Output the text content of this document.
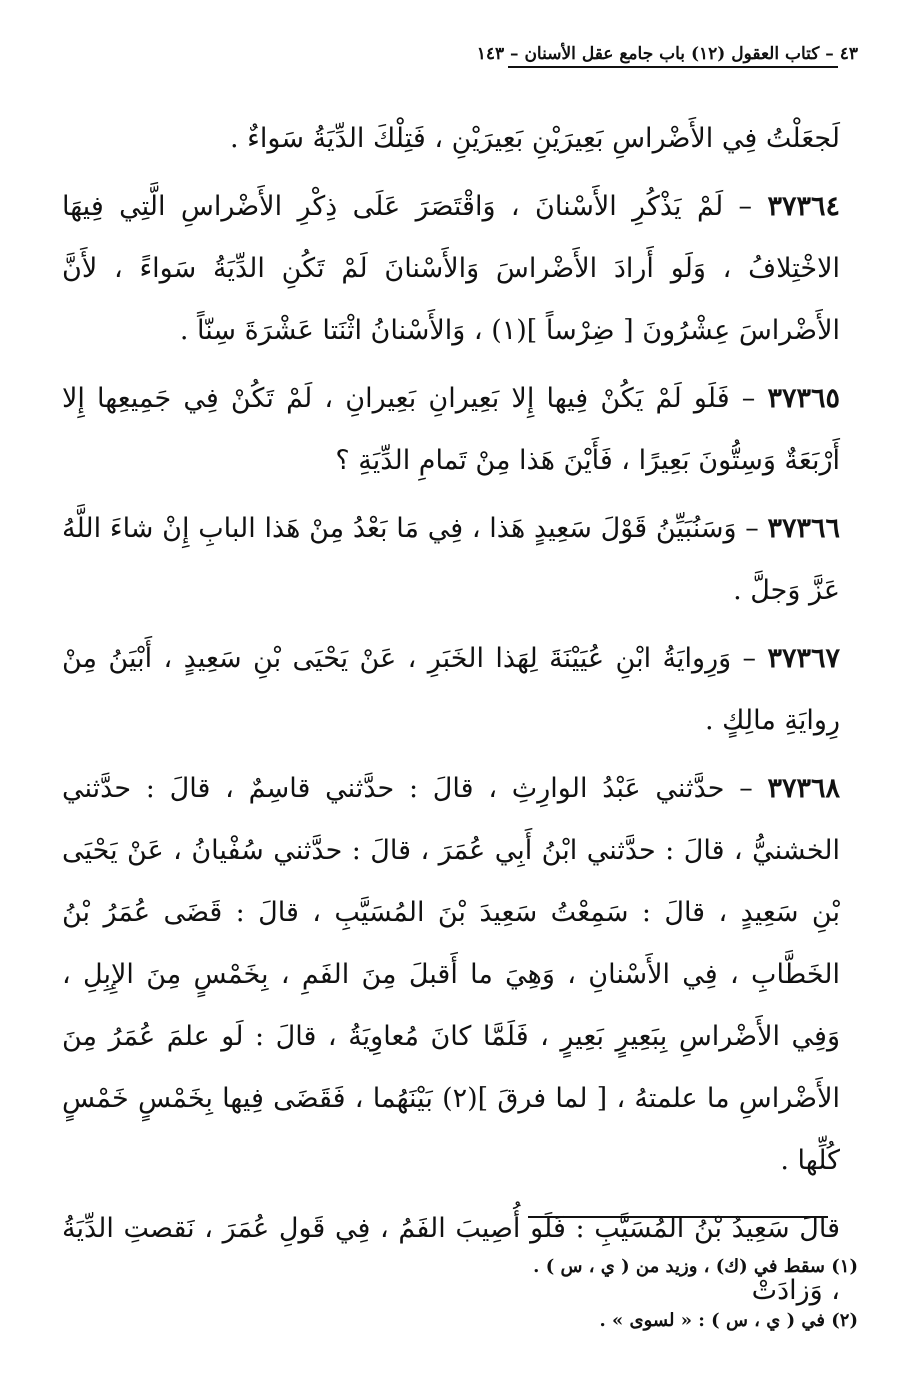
٤٣ – كتاب العقول (١٢) باب جامع عقل الأسنان – ١٤٣

لَجعَلْتُ فِي الأَضْراسِ بَعِيرَيْنِ بَعِيرَيْنِ ، فَتِلْكَ الدِّيَةُ سَواءٌ .

٣٧٣٦٤ – لَمْ يَذْكُرِ الأَسْنانَ ، وَاقْتَصَرَ عَلَى ذِكْرِ الأَضْراسِ الَّتِي فِيهَا الاخْتِلافُ ، وَلَو أَرادَ الأَضْراسَ وَالأَسْنانَ لَمْ تَكُنِ الدِّيَةُ سَواءً ، لأَنَّ الأَضْراسَ عِشْرُونَ [ ضِرْساً ](١) ، وَالأَسْنانُ اثْنَتا عَشْرَةَ سِنّاً .

٣٧٣٦٥ – فَلَو لَمْ يَكُنْ فِيها إِلا بَعِيرانِ بَعِيرانِ ، لَمْ تَكُنْ فِي جَمِيعِها إِلا أَرْبَعَةٌ وَسِتُّونَ بَعِيرًا ، فَأَيْنَ هَذا مِنْ تَمامِ الدِّيَةِ ؟

٣٧٣٦٦ – وَسَنُبَيِّنُ قَوْلَ سَعِيدٍ هَذا ، فِي مَا بَعْدُ مِنْ هَذا البابِ إِنْ شاءَ اللَّهُ عَزَّ وَجلَّ .

٣٧٣٦٧ – وَرِوايَةُ ابْنِ عُيَيْنَةَ لِهَذا الخَبَرِ ، عَنْ يَحْيَى بْنِ سَعِيدٍ ، أَبْيَنُ مِنْ رِوايَةِ مالِكٍ .

٣٧٣٦٨ – حدَّثني عَبْدُ الوارِثِ ، قالَ : حدَّثني قاسِمٌ ، قالَ : حدَّثني الخشنيُّ ، قالَ : حدَّثني ابْنُ أَبِي عُمَرَ ، قالَ : حدَّثني سُفْيانُ ، عَنْ يَحْيَى بْنِ سَعِيدٍ ، قالَ : سَمِعْتُ سَعِيدَ بْنَ المُسَيَّبِ ، قالَ : قَضَى عُمَرُ بْنُ الخَطَّابِ ، فِي الأَسْنانِ ، وَهِيَ ما أَقبلَ مِنَ الفَمِ ، بِخَمْسٍ مِنَ الإِبِلِ ، وَفِي الأَضْراسِ بِبَعِيرٍ بَعِيرٍ ، فَلَمَّا كانَ مُعاوِيَةُ ، قالَ : لَو علمَ عُمَرُ مِنَ الأَضْراسِ ما علمتهُ ، [ لما فرقَ ](٢) بَيْنَهُما ، فَقَضَى فِيها بِخَمْسٍ خَمْسٍ كُلِّها .

قالَ سَعِيدُ بْنُ المُسَيَّبِ : فَلَو أُصِيبَ الفَمُ ، فِي قَولِ عُمَرَ ، نَقصتِ الدِّيَةُ ، وَزادَتْ

(١) سقط في (ك) ، وزيد من ( ي ، س ) .

(٢) في ( ي ، س ) : « لسوى » .
